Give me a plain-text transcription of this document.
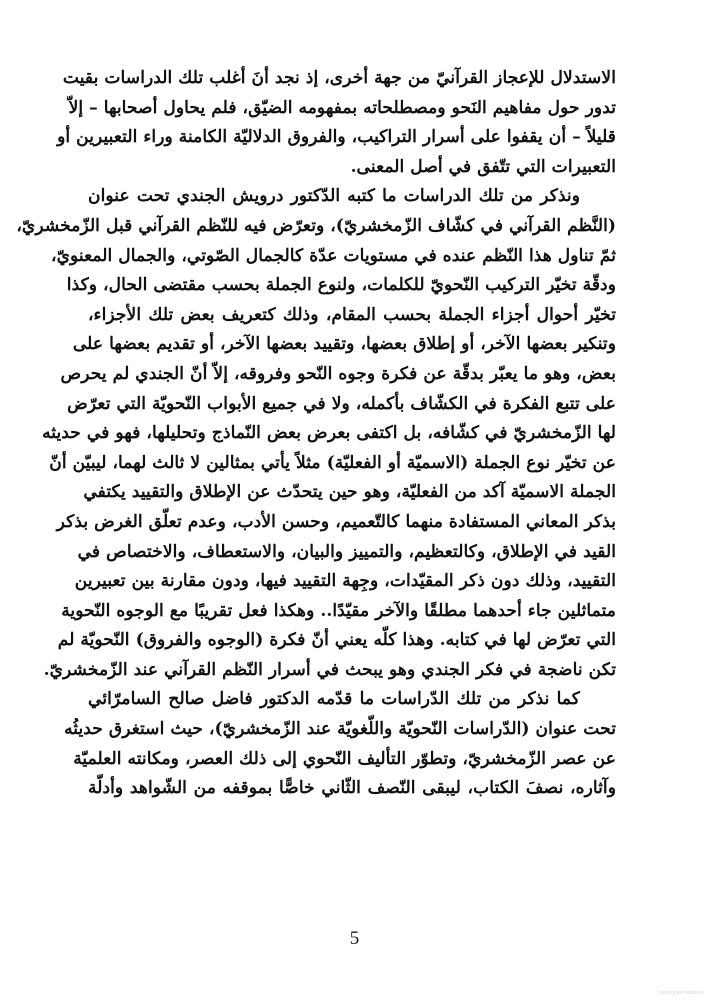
الاستدلال للإعجاز القرآنيّ من جهة أخرى، إذ نجد أنَ أغلب تلك الدراسات بقيت
تدور حول مفاهيم النَحو ومصطلحاته بمفهومه الضيّق، فلم يحاول أصحابها – إلاّ
قليلاً – أن يقفوا على أسرار التراكيب، والفروق الدلاليّة الكامنة وراء التعبيرين أو
التعبيرات التي تتّفق في أصل المعنى.
ونذكر من تلك الدراسات ما كتبه الدّكتور درويش الجندي تحت عنوان
(النَّظم القرآني في كشّاف الزّمخشريّ)، وتعرّض فيه للنّظم القرآني قبل الزّمخشريّ،
ثمّ تناول هذا النّظم عنده في مستويات عدّة كالجمال الصّوتي، والجمال المعنويّ،
ودقّة تخيّر التركيب النّحويّ للكلمات، ولنوع الجملة بحسب مقتضى الحال، وكذا
تخيّر أحوال أجزاء الجملة بحسب المقام، وذلك كتعريف بعض تلك الأجزاء،
وتنكير بعضها الآخر، أو إطلاق بعضها، وتقييد بعضها الآخر، أو تقديم بعضها على
بعض، وهو ما يعبّر بدقّة عن فكرة وجوه النّحو وفروقه، إلاّ أنّ الجندي لم يحرص
على تتبع الفكرة في الكشّاف بأكمله، ولا في جميع الأبواب النّحويّة التي تعرّض
لها الزّمخشريّ في كشّافه، بل اكتفى بعرض بعض النّماذج وتحليلها، فهو في حديثه
عن تخيّر نوع الجملة (الاسميّة أو الفعليّة) مثلاً يأتي بمثالين لا ثالث لهما، ليبيّن أنّ
الجملة الاسميّة آكد من الفعليّة، وهو حين يتحدّث عن الإطلاق والتقييد يكتفي
بذكر المعاني المستفادة منهما كالتّعميم، وحسن الأدب، وعدم تعلّق الغرض بذكر
القيد في الإطلاق، وكالتعظيم، والتمييز والبيان، والاستعطاف، والاختصاص في
التقييد، وذلك دون ذكر المقيّدات، وجِهة التقييد فيها، ودون مقارنة بين تعبيرين
متماثلين جاء أحدهما مطلقًا والآخر مقيّدًا.. وهكذا فعل تقريبًا مع الوجوه النّحوية
التي تعرّض لها في كتابه. وهذا كلّه يعني أنّ فكرة (الوجوه والفروق) النّحويّة لم
تكن ناضجة في فكر الجندي وهو يبحث في أسرار النّظم القرآني عند الزّمخشريّ.
كما نذكر من تلك الدّراسات ما قدّمه الدكتور فاضل صالح السامرّائي
تحت عنوان (الدّراسات النّحويّة واللّغويّة عند الزّمخشريّ)، حيث استغرق حديثُه
عن عصر الزّمخشريّ، وتطوّر التأليف النّحوي إلى ذلك العصر، ومكانته العلميّة
وآثاره، نصفَ الكتاب، ليبقى النّصف الثّاني خاصًّا بموقفه من الشّواهد وأدلّة
5
Copyrighted material
